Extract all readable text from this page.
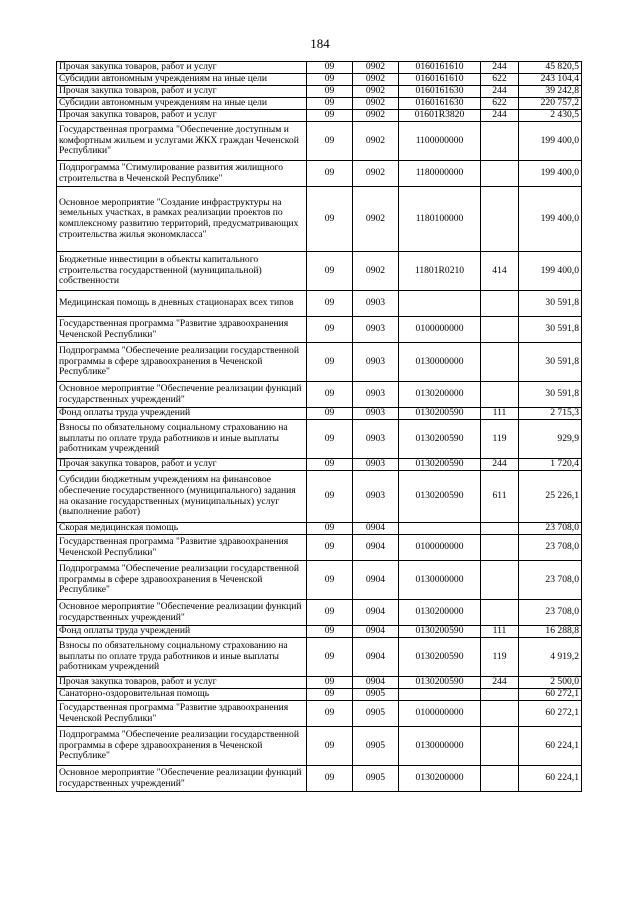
184
Прочая закупка товаров, работ и услуг	09	0902	0160161610	244	45 820,5
Субсидии автономным учреждениям на иные цели	09	0902	0160161610	622	243 104,4
Прочая закупка товаров, работ и услуг	09	0902	0160161630	244	39 242,8
Субсидии автономным учреждениям на иные цели	09	0902	0160161630	622	220 757,2
Прочая закупка товаров, работ и услуг	09	0902	01601R3820	244	2 430,5
Государственная программа "Обеспечение доступным и комфортным жильем и услугами ЖКХ граждан Чеченской Республики"	09	0902	1100000000		199 400,0
Подпрограмма "Стимулирование развития жилищного строительства в Чеченской Республике"	09	0902	1180000000		199 400,0
Основное мероприятие "Создание инфраструктуры на земельных участках, в рамках реализации проектов по комплексному развитию территорий, предусматривающих строительства жилья экономкласса"	09	0902	1180100000		199 400,0
Бюджетные инвестиции в объекты капитального строительства государственной (муниципальной) собственности	09	0902	11801R0210	414	199 400,0
Медицинская помощь в дневных стационарах всех типов	09	0903			30 591,8
Государственная программа "Развитие здравоохранения Чеченской Республики"	09	0903	0100000000		30 591,8
Подпрограмма "Обеспечение реализации государственной программы в сфере здравоохранения в Чеченской Республике"	09	0903	0130000000		30 591,8
Основное мероприятие "Обеспечение реализации функций государственных учреждений"	09	0903	0130200000		30 591,8
Фонд оплаты труда учреждений	09	0903	0130200590	111	2 715,3
Взносы по обязательному социальному страхованию на выплаты по оплате труда работников и иные выплаты работникам учреждений	09	0903	0130200590	119	929,9
Прочая закупка товаров, работ и услуг	09	0903	0130200590	244	1 720,4
Субсидии бюджетным учреждениям на финансовое обеспечение государственного (муниципального) задания на оказание государственных (муниципальных) услуг (выполнение работ)	09	0903	0130200590	611	25 226,1
Скорая медицинская помощь	09	0904			23 708,0
Государственная программа "Развитие здравоохранения Чеченской Республики"	09	0904	0100000000		23 708,0
Подпрограмма "Обеспечение реализации государственной программы в сфере здравоохранения в Чеченской Республике"	09	0904	0130000000		23 708,0
Основное мероприятие "Обеспечение реализации функций государственных учреждений"	09	0904	0130200000		23 708,0
Фонд оплаты труда учреждений	09	0904	0130200590	111	16 288,8
Взносы по обязательному социальному страхованию на выплаты по оплате труда работников и иные выплаты работникам учреждений	09	0904	0130200590	119	4 919,2
Прочая закупка товаров, работ и услуг	09	0904	0130200590	244	2 500,0
Санаторно-оздоровительная помощь	09	0905			60 272,1
Государственная программа "Развитие здравоохранения Чеченской Республики"	09	0905	0100000000		60 272,1
Подпрограмма "Обеспечение реализации государственной программы в сфере здравоохранения в Чеченской Республике"	09	0905	0130000000		60 224,1
Основное мероприятие "Обеспечение реализации функций государственных учреждений"	09	0905	0130200000		60 224,1
